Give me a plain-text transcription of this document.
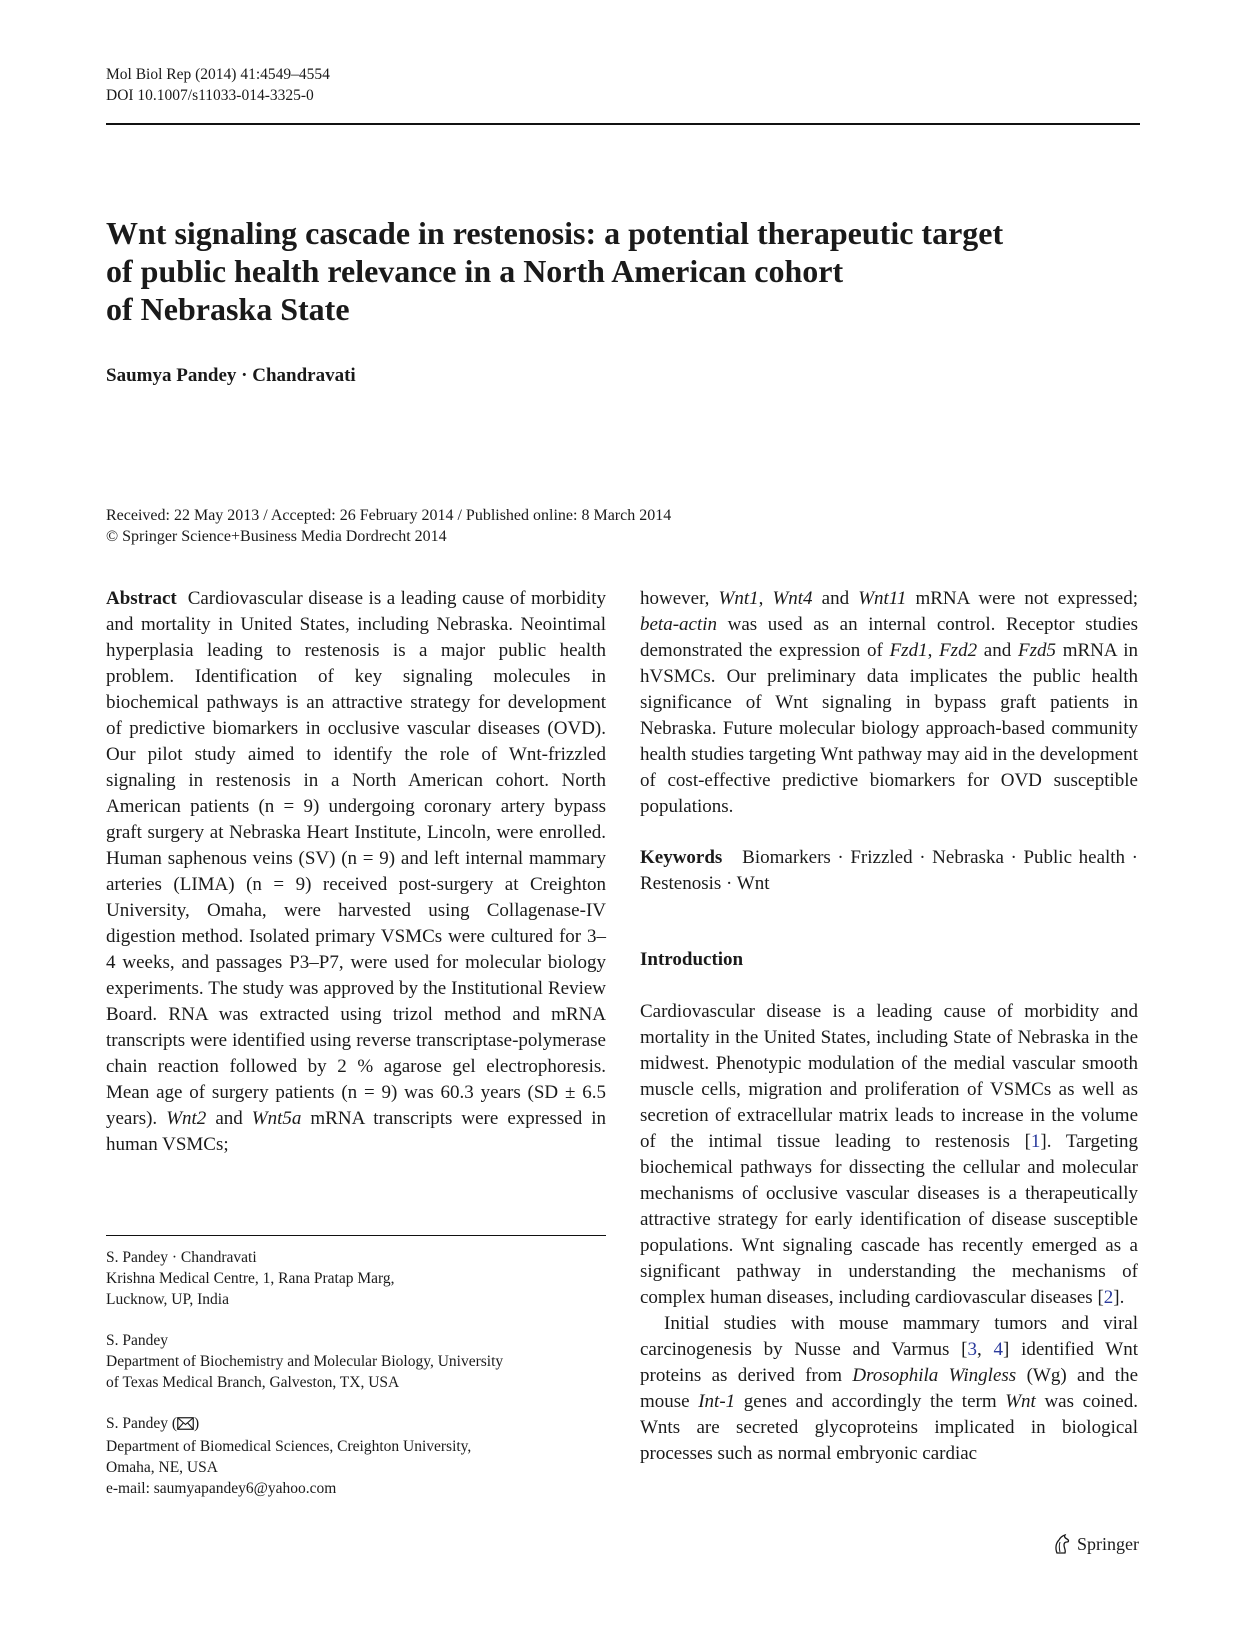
Mol Biol Rep (2014) 41:4549–4554
DOI 10.1007/s11033-014-3325-0
Wnt signaling cascade in restenosis: a potential therapeutic target
of public health relevance in a North American cohort
of Nebraska State
Saumya Pandey · Chandravati
Received: 22 May 2013 / Accepted: 26 February 2014 / Published online: 8 March 2014
© Springer Science+Business Media Dordrecht 2014

Abstract Cardiovascular disease is a leading cause of morbidity and mortality in United States, including Nebraska. Neointimal hyperplasia leading to restenosis is a major public health problem. Identification of key signaling molecules in biochemical pathways is an attractive strategy for development of predictive biomarkers in occlusive vascular diseases (OVD). Our pilot study aimed to identify the role of Wnt-frizzled signaling in restenosis in a North American cohort. North American patients (n = 9) undergoing coronary artery bypass graft surgery at Nebraska Heart Institute, Lincoln, were enrolled. Human saphenous veins (SV) (n = 9) and left internal mammary arteries (LIMA) (n = 9) received post-surgery at Creighton University, Omaha, were harvested using Collagenase-IV digestion method. Isolated primary VSMCs were cultured for 3–4 weeks, and passages P3–P7, were used for molecular biology experiments. The study was approved by the Institutional Review Board. RNA was extracted using trizol method and mRNA transcripts were identified using reverse transcriptase-polymerase chain reaction followed by 2 % agarose gel electrophoresis. Mean age of surgery patients (n = 9) was 60.3 years (SD ± 6.5 years). Wnt2 and Wnt5a mRNA transcripts were expressed in human VSMCs;

however, Wnt1, Wnt4 and Wnt11 mRNA were not expressed; beta-actin was used as an internal control. Receptor studies demonstrated the expression of Fzd1, Fzd2 and Fzd5 mRNA in hVSMCs. Our preliminary data implicates the public health significance of Wnt signaling in bypass graft patients in Nebraska. Future molecular biology approach-based community health studies targeting Wnt pathway may aid in the development of cost-effective predictive biomarkers for OVD susceptible populations.

Keywords Biomarkers · Frizzled · Nebraska · Public health · Restenosis · Wnt

Introduction

Cardiovascular disease is a leading cause of morbidity and mortality in the United States, including State of Nebraska in the midwest. Phenotypic modulation of the medial vascular smooth muscle cells, migration and proliferation of VSMCs as well as secretion of extracellular matrix leads to increase in the volume of the intimal tissue leading to restenosis [1]. Targeting biochemical pathways for dissecting the cellular and molecular mechanisms of occlusive vascular diseases is a therapeutically attractive strategy for early identification of disease susceptible populations. Wnt signaling cascade has recently emerged as a significant pathway in understanding the mechanisms of complex human diseases, including cardiovascular diseases [2].

Initial studies with mouse mammary tumors and viral carcinogenesis by Nusse and Varmus [3, 4] identified Wnt proteins as derived from Drosophila Wingless (Wg) and the mouse Int-1 genes and accordingly the term Wnt was coined. Wnts are secreted glycoproteins implicated in biological processes such as normal embryonic cardiac

S. Pandey · Chandravati
Krishna Medical Centre, 1, Rana Pratap Marg,
Lucknow, UP, India
S. Pandey
Department of Biochemistry and Molecular Biology, University
of Texas Medical Branch, Galveston, TX, USA
S. Pandey ( )
Department of Biomedical Sciences, Creighton University,
Omaha, NE, USA
e-mail: saumyapandey6@yahoo.com
Springer
